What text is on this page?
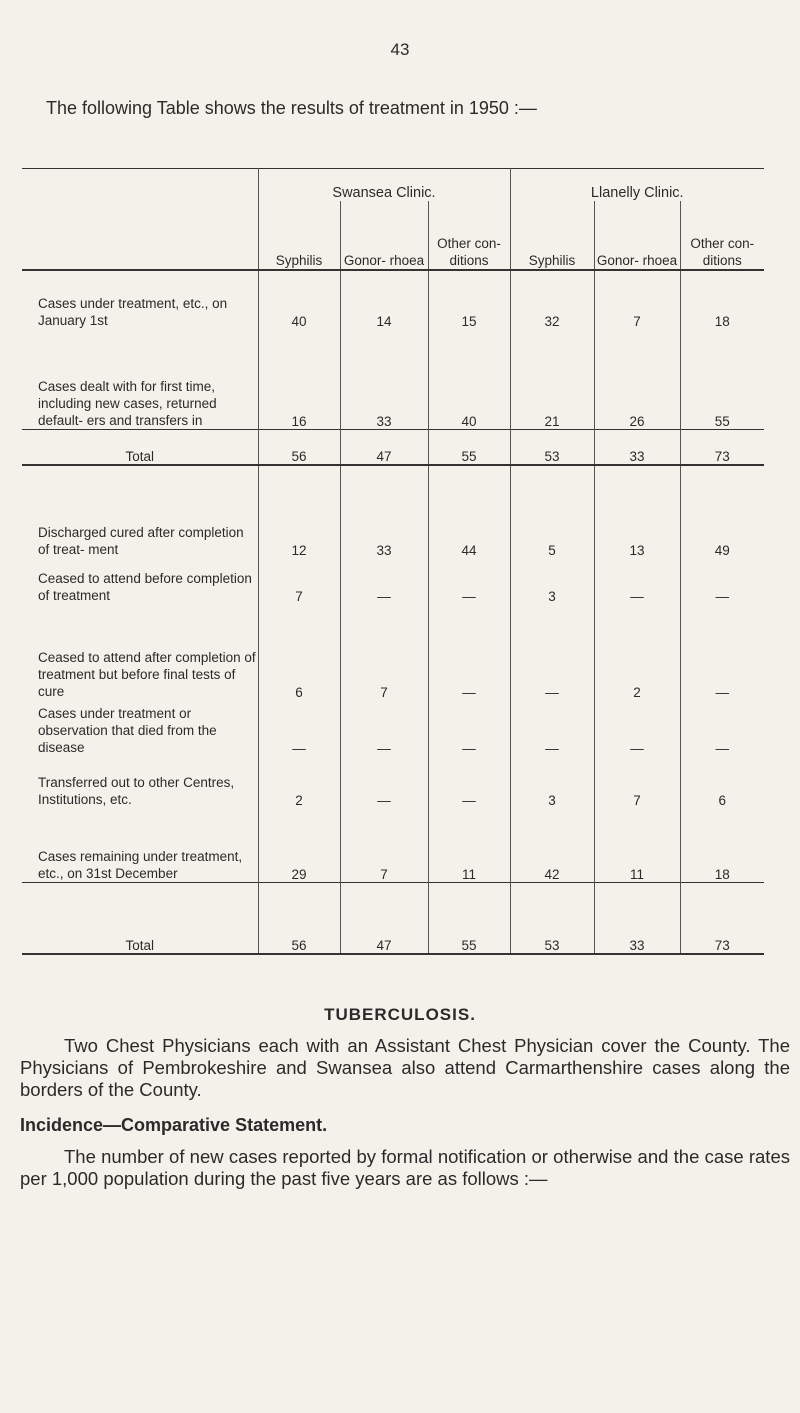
43
The following Table shows the results of treatment in 1950 :—
	Swansea Clinic.			Llanelly Clinic.		
	Syphilis	Gonor- rhoea	Other con- ditions	Syphilis	Gonor- rhoea	Other con- ditions
Cases under treatment, etc., on January 1st	40	14	15	32	7	18
Cases dealt with for first time, including new cases, returned default- ers and transfers in	16	33	40	21	26	55
Total	56	47	55	53	33	73
Discharged cured after completion of treat- ment	12	33	44	5	13	49
Ceased to attend before completion of treatment	7	—	—	3	—	—
Ceased to attend after completion of treatment but before final tests of cure	6	7	—	—	2	—
Cases under treatment or observation that died from the disease	—	—	—	—	—	—
Transferred out to other Centres, Institutions, etc.	2	—	—	3	7	6
Cases remaining under treatment, etc., on 31st December	29	7	11	42	11	18
Total	56	47	55	53	33	73
TUBERCULOSIS.
Two Chest Physicians each with an Assistant Chest Physician cover the County. The Physicians of Pembrokeshire and Swansea also attend Carmarthenshire cases along the borders of the County.
Incidence—Comparative Statement.
The number of new cases reported by formal notification or otherwise and the case rates per 1,000 population during the past five years are as follows :—
